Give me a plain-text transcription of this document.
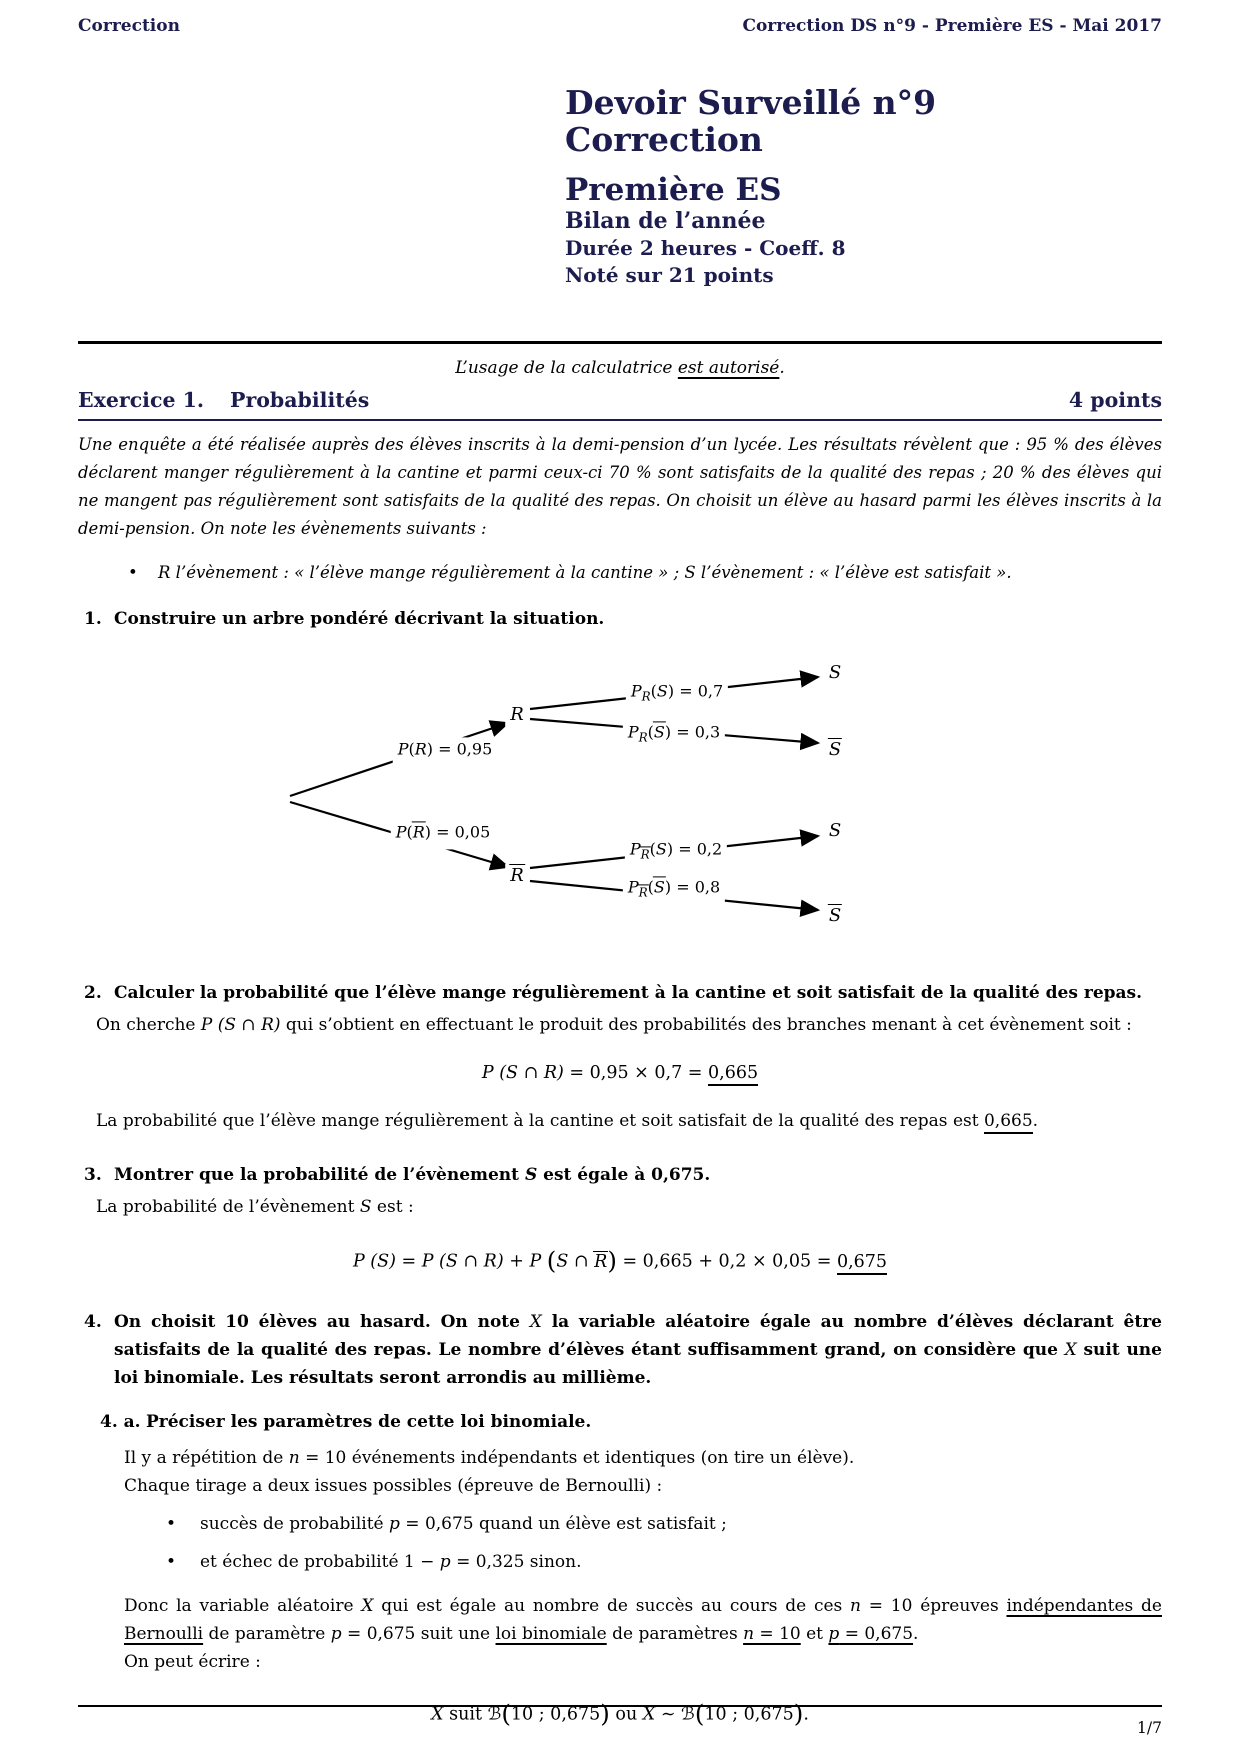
Correction	Correction DS n°9 - Première ES - Mai 2017
Devoir Surveillé n°9
Correction
Première ES
Bilan de l’année
Durée 2 heures - Coeff. 8
Noté sur 21 points
L’usage de la calculatrice est autorisé.
Exercice 1. Probabilités	4 points
Une enquête a été réalisée auprès des élèves inscrits à la demi-pension d’un lycée. Les résultats révèlent que : 95 % des élèves déclarent manger régulièrement à la cantine et parmi ceux-ci 70 % sont satisfaits de la qualité des repas ; 20 % des élèves qui ne mangent pas régulièrement sont satisfaits de la qualité des repas. On choisit un élève au hasard parmi les élèves inscrits à la demi-pension. On note les évènements suivants :
•	R l’évènement : « l’élève mange régulièrement à la cantine » ; S l’évènement : « l’élève est satisfait ».
1. Construire un arbre pondéré décrivant la situation.
P(R) = 0,95
P(R) = 0,05
$P_R(S) = 0,7$
$P_R(S) = 0,3$
$P_R(S) = 0,2$
$P_R(S) = 0,8$
R
R
S
S
S
S
2. Calculer la probabilité que l’élève mange régulièrement à la cantine et soit satisfait de la qualité des repas.
On cherche P (S ∩ R) qui s’obtient en effectuant le produit des probabilités des branches menant à cet évènement soit :
P (S ∩ R) = 0,95 × 0,7 = 0,665
La probabilité que l’élève mange régulièrement à la cantine et soit satisfait de la qualité des repas est 0,665.
3. Montrer que la probabilité de l’évènement S est égale à 0,675.
La probabilité de l’évènement S est :
P (S) = P (S ∩ R) + P (S ∩ R) = 0,665 + 0,2 × 0,05 = 0,675
4. On choisit 10 élèves au hasard. On note X la variable aléatoire égale au nombre d’élèves déclarant être satisfaits de la qualité des repas. Le nombre d’élèves étant suffisamment grand, on considère que X suit une loi binomiale. Les résultats seront arrondis au millième.
4. a. Préciser les paramètres de cette loi binomiale.
Il y a répétition de n = 10 événements indépendants et identiques (on tire un élève).
Chaque tirage a deux issues possibles (épreuve de Bernoulli) :
•	succès de probabilité p = 0,675 quand un élève est satisfait ;
•	et échec de probabilité 1 − p = 0,325 sinon.
Donc la variable aléatoire X qui est égale au nombre de succès au cours de ces n = 10 épreuves indépendantes de Bernoulli de paramètre p = 0,675 suit une loi binomiale de paramètres n = 10 et p = 0,675.
On peut écrire :
X suit ℬ(10 ; 0,675) ou X ∼ ℬ(10 ; 0,675).
1/7
